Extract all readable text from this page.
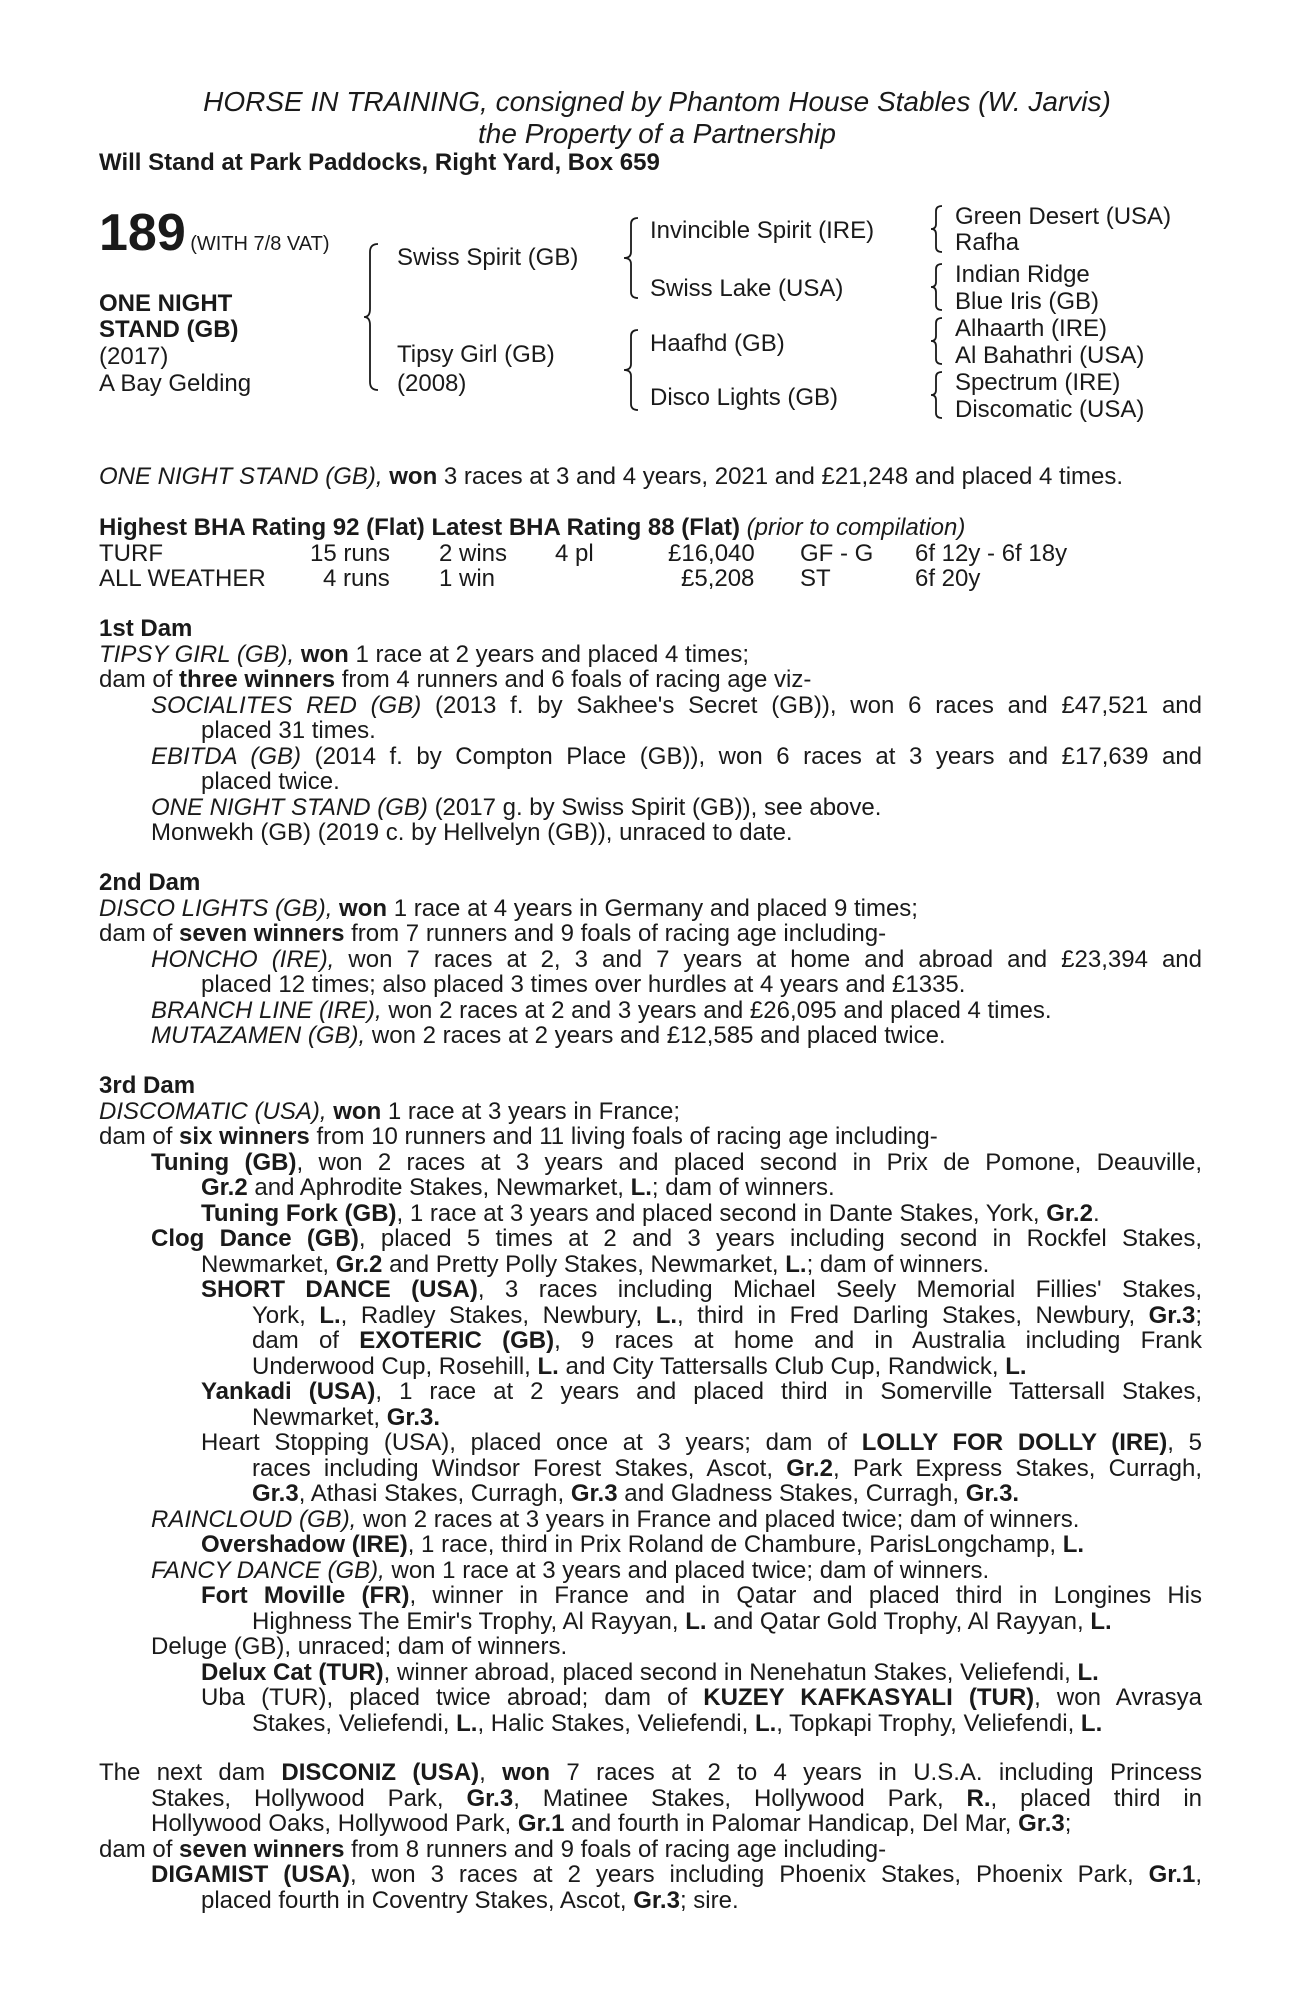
HORSE IN TRAINING, consigned by Phantom House Stables (W. Jarvis)
the Property of a Partnership
Will Stand at Park Paddocks, Right Yard, Box 659
189 (WITH 7/8 VAT)
ONE NIGHT
STAND (GB)
(2017)
A Bay Gelding
Swiss Spirit (GB)
Tipsy Girl (GB)
(2008)
Invincible Spirit (IRE)
Swiss Lake (USA)
Haafhd (GB)
Disco Lights (GB)
Green Desert (USA)
Rafha
Indian Ridge
Blue Iris (GB)
Alhaarth (IRE)
Al Bahathri (USA)
Spectrum (IRE)
Discomatic (USA)
ONE NIGHT STAND (GB), won 3 races at 3 and 4 years, 2021 and £21,248 and placed 4 times.
Highest BHA Rating 92 (Flat) Latest BHA Rating 88 (Flat) (prior to compilation)
TURF	15 runs 2 wins 4 pl	£16,040 GF - G 6f 12y - 6f 18y
ALL WEATHER 4 runs 1 win	£5,208 ST	6f 20y
1st Dam
TIPSY GIRL (GB), won 1 race at 2 years and placed 4 times;
dam of three winners from 4 runners and 6 foals of racing age viz-
SOCIALITES RED (GB) (2013 f. by Sakhee's Secret (GB)), won 6 races and £47,521 and
placed 31 times.
EBITDA (GB) (2014 f. by Compton Place (GB)), won 6 races at 3 years and £17,639 and
placed twice.
ONE NIGHT STAND (GB) (2017 g. by Swiss Spirit (GB)), see above.
Monwekh (GB) (2019 c. by Hellvelyn (GB)), unraced to date.
2nd Dam
DISCO LIGHTS (GB), won 1 race at 4 years in Germany and placed 9 times;
dam of seven winners from 7 runners and 9 foals of racing age including-
HONCHO (IRE), won 7 races at 2, 3 and 7 years at home and abroad and £23,394 and
placed 12 times; also placed 3 times over hurdles at 4 years and £1335.
BRANCH LINE (IRE), won 2 races at 2 and 3 years and £26,095 and placed 4 times.
MUTAZAMEN (GB), won 2 races at 2 years and £12,585 and placed twice.
3rd Dam
DISCOMATIC (USA), won 1 race at 3 years in France;
dam of six winners from 10 runners and 11 living foals of racing age including-
Tuning (GB), won 2 races at 3 years and placed second in Prix de Pomone, Deauville,
Gr.2 and Aphrodite Stakes, Newmarket, L.; dam of winners.
Tuning Fork (GB), 1 race at 3 years and placed second in Dante Stakes, York, Gr.2.
Clog Dance (GB), placed 5 times at 2 and 3 years including second in Rockfel Stakes,
Newmarket, Gr.2 and Pretty Polly Stakes, Newmarket, L.; dam of winners.
SHORT DANCE (USA), 3 races including Michael Seely Memorial Fillies' Stakes,
York, L., Radley Stakes, Newbury, L., third in Fred Darling Stakes, Newbury, Gr.3;
dam of EXOTERIC (GB), 9 races at home and in Australia including Frank
Underwood Cup, Rosehill, L. and City Tattersalls Club Cup, Randwick, L.
Yankadi (USA), 1 race at 2 years and placed third in Somerville Tattersall Stakes,
Newmarket, Gr.3.
Heart Stopping (USA), placed once at 3 years; dam of LOLLY FOR DOLLY (IRE), 5
races including Windsor Forest Stakes, Ascot, Gr.2, Park Express Stakes, Curragh,
Gr.3, Athasi Stakes, Curragh, Gr.3 and Gladness Stakes, Curragh, Gr.3.
RAINCLOUD (GB), won 2 races at 3 years in France and placed twice; dam of winners.
Overshadow (IRE), 1 race, third in Prix Roland de Chambure, ParisLongchamp, L.
FANCY DANCE (GB), won 1 race at 3 years and placed twice; dam of winners.
Fort Moville (FR), winner in France and in Qatar and placed third in Longines His
Highness The Emir's Trophy, Al Rayyan, L. and Qatar Gold Trophy, Al Rayyan, L.
Deluge (GB), unraced; dam of winners.
Delux Cat (TUR), winner abroad, placed second in Nenehatun Stakes, Veliefendi, L.
Uba (TUR), placed twice abroad; dam of KUZEY KAFKASYALI (TUR), won Avrasya
Stakes, Veliefendi, L., Halic Stakes, Veliefendi, L., Topkapi Trophy, Veliefendi, L.
The next dam DISCONIZ (USA), won 7 races at 2 to 4 years in U.S.A. including Princess
Stakes, Hollywood Park, Gr.3, Matinee Stakes, Hollywood Park, R., placed third in
Hollywood Oaks, Hollywood Park, Gr.1 and fourth in Palomar Handicap, Del Mar, Gr.3;
dam of seven winners from 8 runners and 9 foals of racing age including-
DIGAMIST (USA), won 3 races at 2 years including Phoenix Stakes, Phoenix Park, Gr.1,
placed fourth in Coventry Stakes, Ascot, Gr.3; sire.
